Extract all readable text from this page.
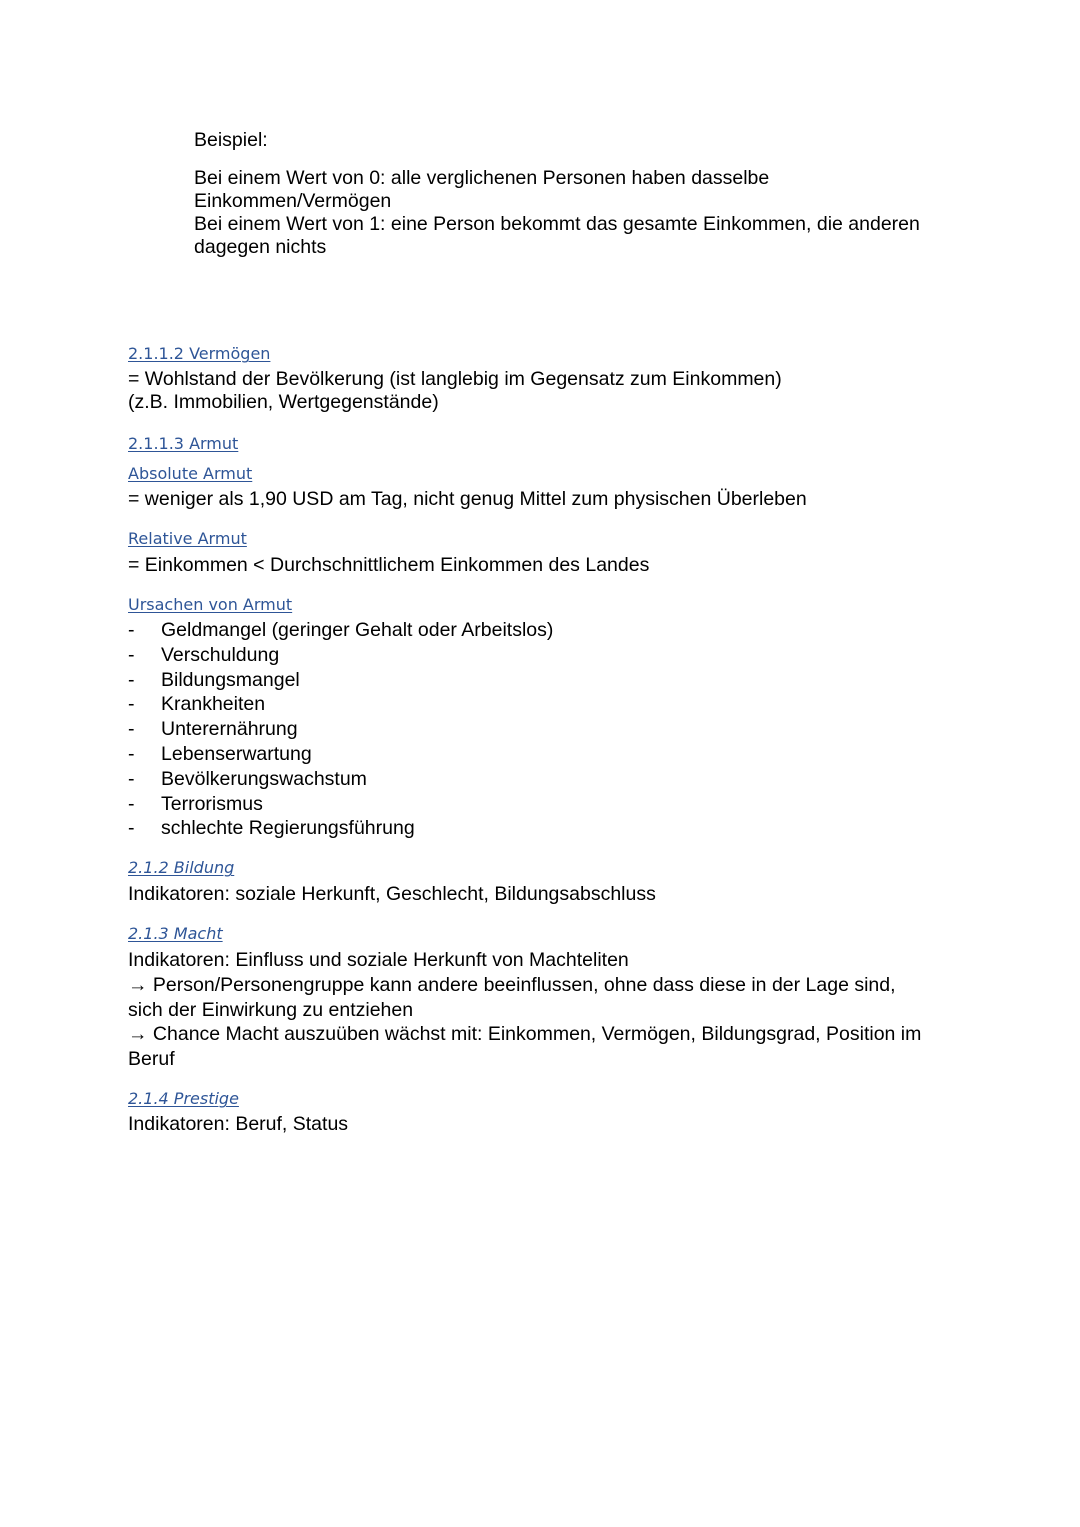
Beispiel:
Bei einem Wert von 0: alle verglichenen Personen haben dasselbe
Einkommen/Vermögen
Bei einem Wert von 1: eine Person bekommt das gesamte Einkommen, die anderen
dagegen nichts
2.1.1.2 Vermögen
= Wohlstand der Bevölkerung (ist langlebig im Gegensatz zum Einkommen)
(z.B. Immobilien, Wertgegenstände)
2.1.1.3 Armut
Absolute Armut
= weniger als 1,90 USD am Tag, nicht genug Mittel zum physischen Überleben
Relative Armut
= Einkommen < Durchschnittlichem Einkommen des Landes
Ursachen von Armut
- Geldmangel (geringer Gehalt oder Arbeitslos)
- Verschuldung
- Bildungsmangel
- Krankheiten
- Unterernährung
- Lebenserwartung
- Bevölkerungswachstum
- Terrorismus
- schlechte Regierungsführung
2.1.2 Bildung
Indikatoren: soziale Herkunft, Geschlecht, Bildungsabschluss
2.1.3 Macht
Indikatoren: Einfluss und soziale Herkunft von Machteliten
→ Person/Personengruppe kann andere beeinflussen, ohne dass diese in der Lage sind,
sich der Einwirkung zu entziehen
→ Chance Macht auszuüben wächst mit: Einkommen, Vermögen, Bildungsgrad, Position im
Beruf
2.1.4 Prestige
Indikatoren: Beruf, Status
